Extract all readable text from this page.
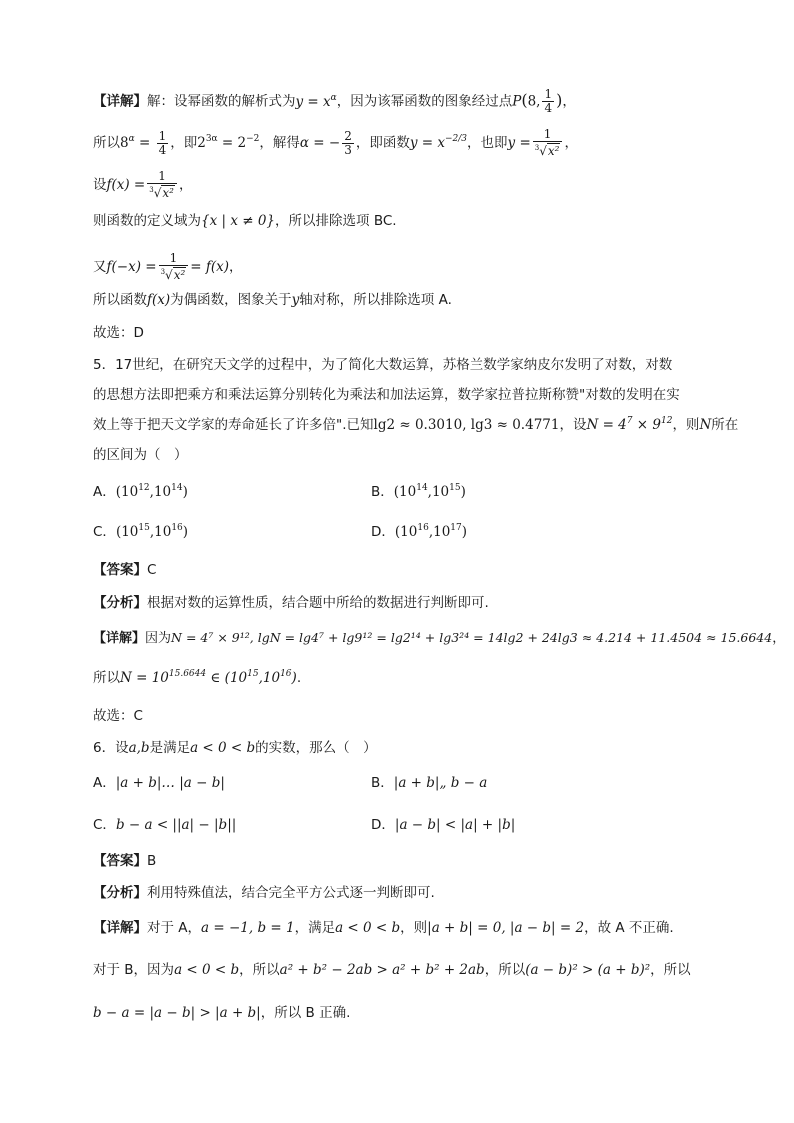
【详解】解：设幂函数的解析式为$y = x^\alpha$，因为该幂函数的图象经过点P(8, $\frac{1}{4}$ )，
所以$8^\alpha = \frac{1}{4}$ ，即$2^{3\alpha} = 2^{-2}$，解得α = − $\frac{2}{3}$ ，即函数$y = x^{-2/3}$，也即$y = \frac{1}{^3√x^2}$ ，
设$f(x) = \frac{1}{^3√x^2}$ ，
则函数的定义域为{x | x ≠ 0}，所以排除选项 BC.
又$f(-x) = \frac{1}{^3√x^2} = f(x)$，
所以函数f(x)为偶函数，图象关于y轴对称，所以排除选项 A.
故选：D
5．17世纪，在研究天文学的过程中，为了简化大数运算，苏格兰数学家纳皮尔发明了对数，对数
的思想方法即把乘方和乘法运算分别转化为乘法和加法运算，数学家拉普拉斯称赞"对数的发明在实
效上等于把天文学家的寿命延长了许多倍".已知lg2 ≈ 0.3010, lg3 ≈ 0.4771，设$N = 4^7 \times 9^{12}$，则N所在
的区间为（　）
A．$(10^{12},10^{14})$	B．$(10^{14},10^{15})$
C．$(10^{15},10^{16})$	D．$(10^{16},10^{17})$
【答案】C
【分析】根据对数的运算性质，结合题中所给的数据进行判断即可.
【详解】因为N = 4⁷ × 9¹², lgN = lg4⁷ + lg9¹² = lg2¹⁴ + lg3²⁴ = 14lg2 + 24lg3 ≈ 4.214 + 11.4504 ≈ 15.6644，
所以$N = 10^{15.6644}$ ∈ $(10^{15},10^{16})$.
故选：C
6．设a,b是满足a < 0 < b的实数，那么（　）
A．|a + b|… |a − b|	B．|a + b|„ b − a
C．b − a < ||a| − |b||	D．|a − b| < |a| + |b|
【答案】B
【分析】利用特殊值法，结合完全平方公式逐一判断即可.
【详解】对于 A，a = −1, b = 1，满足a < 0 < b，则|a + b| = 0, |a − b| = 2，故 A 不正确.
对于 B，因为a < 0 < b，所以a² + b² − 2ab > a² + b² + 2ab，所以(a − b)² > (a + b)²，所以
b − a = |a − b| > |a + b|，所以 B 正确.
